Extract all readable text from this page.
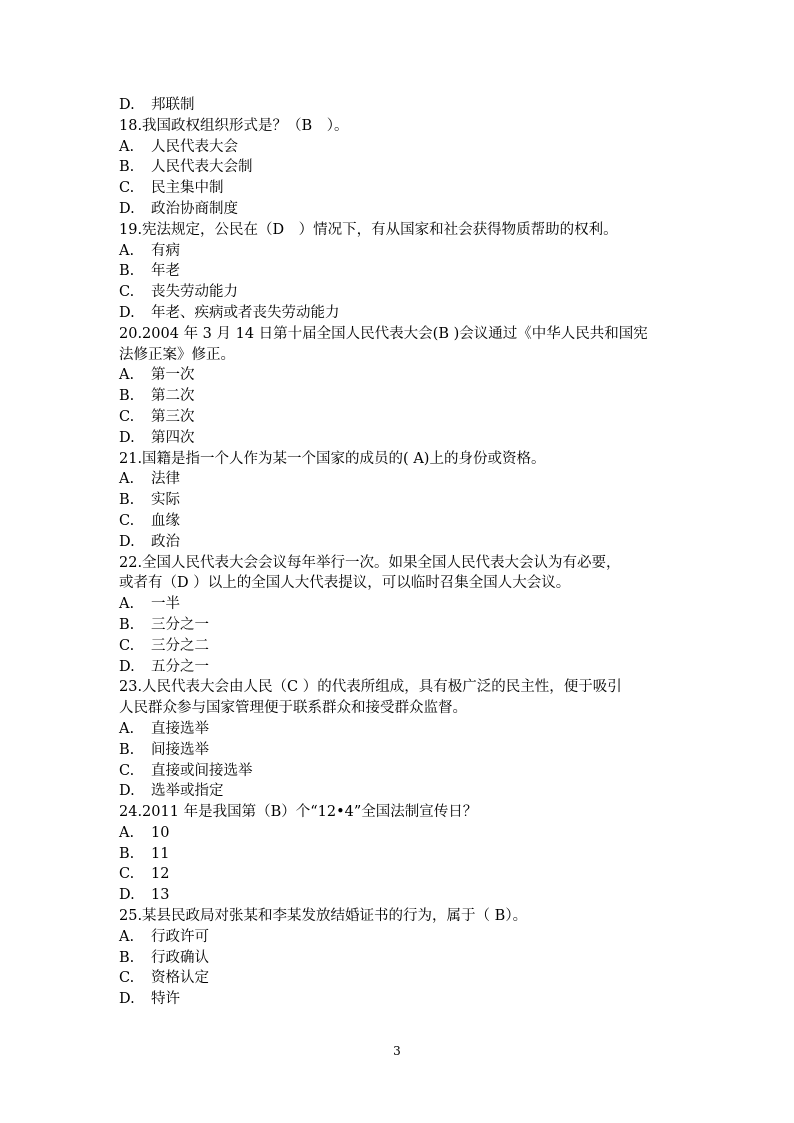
D. 邦联制
18.我国政权组织形式是？（B　）。
A. 人民代表大会
B. 人民代表大会制
C. 民主集中制
D. 政治协商制度
19.宪法规定，公民在（D　）情况下，有从国家和社会获得物质帮助的权利。
A. 有病
B. 年老
C. 丧失劳动能力
D. 年老、疾病或者丧失劳动能力
20.2004 年 3 月 14 日第十届全国人民代表大会(B )会议通过《中华人民共和国宪
法修正案》修正。
A. 第一次
B. 第二次
C. 第三次
D. 第四次
21.国籍是指一个人作为某一个国家的成员的( A)上的身份或资格。
A. 法律
B. 实际
C. 血缘
D. 政治
22.全国人民代表大会会议每年举行一次。如果全国人民代表大会认为有必要，
或者有（D ）以上的全国人大代表提议，可以临时召集全国人大会议。
A. 一半
B. 三分之一
C. 三分之二
D. 五分之一
23.人民代表大会由人民（C ）的代表所组成，具有极广泛的民主性，便于吸引
人民群众参与国家管理便于联系群众和接受群众监督。
A. 直接选举
B. 间接选举
C. 直接或间接选举
D. 选举或指定
24.2011 年是我国第（B）个“12•4”全国法制宣传日？
A. 10
B. 11
C. 12
D. 13
25.某县民政局对张某和李某发放结婚证书的行为，属于（ B）。
A. 行政许可
B. 行政确认
C. 资格认定
D. 特许
3
